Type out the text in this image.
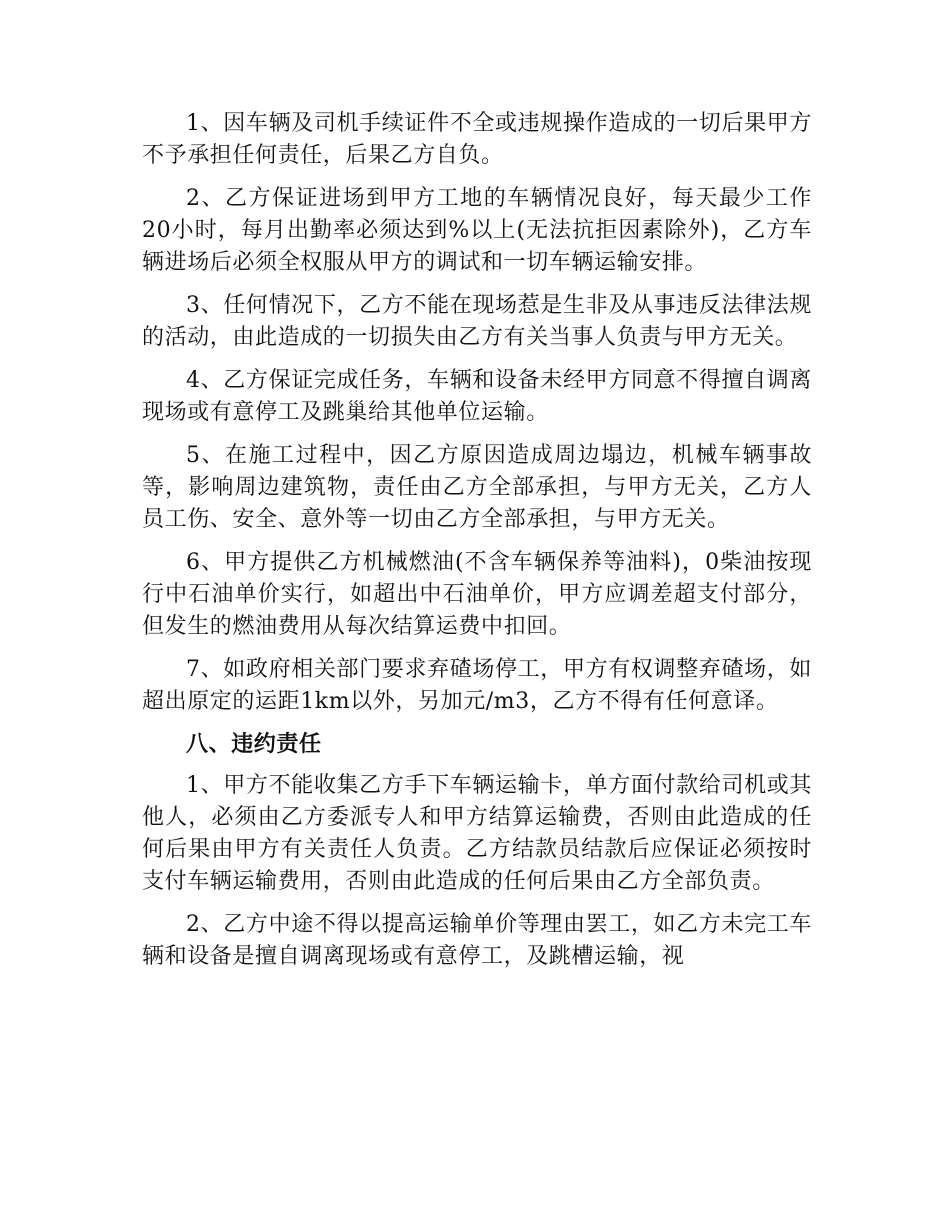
1、因车辆及司机手续证件不全或违规操作造成的一切后果甲方不予承担任何责任，后果乙方自负。

2、乙方保证进场到甲方工地的车辆情况良好，每天最少工作20小时，每月出勤率必须达到%以上(无法抗拒因素除外)，乙方车辆进场后必须全权服从甲方的调试和一切车辆运输安排。

3、任何情况下，乙方不能在现场惹是生非及从事违反法律法规的活动，由此造成的一切损失由乙方有关当事人负责与甲方无关。

4、乙方保证完成任务，车辆和设备未经甲方同意不得擅自调离现场或有意停工及跳巢给其他单位运输。

5、在施工过程中，因乙方原因造成周边塌边，机械车辆事故等，影响周边建筑物，责任由乙方全部承担，与甲方无关，乙方人员工伤、安全、意外等一切由乙方全部承担，与甲方无关。

6、甲方提供乙方机械燃油(不含车辆保养等油料)，0柴油按现行中石油单价实行，如超出中石油单价，甲方应调差超支付部分，但发生的燃油费用从每次结算运费中扣回。

7、如政府相关部门要求弃碴场停工，甲方有权调整弃碴场，如超出原定的运距1km以外，另加元/m3，乙方不得有任何意译。

八、违约责任

1、甲方不能收集乙方手下车辆运输卡，单方面付款给司机或其他人，必须由乙方委派专人和甲方结算运输费，否则由此造成的任何后果由甲方有关责任人负责。乙方结款员结款后应保证必须按时支付车辆运输费用，否则由此造成的任何后果由乙方全部负责。

2、乙方中途不得以提高运输单价等理由罢工，如乙方未完工车辆和设备是擅自调离现场或有意停工，及跳槽运输，视
